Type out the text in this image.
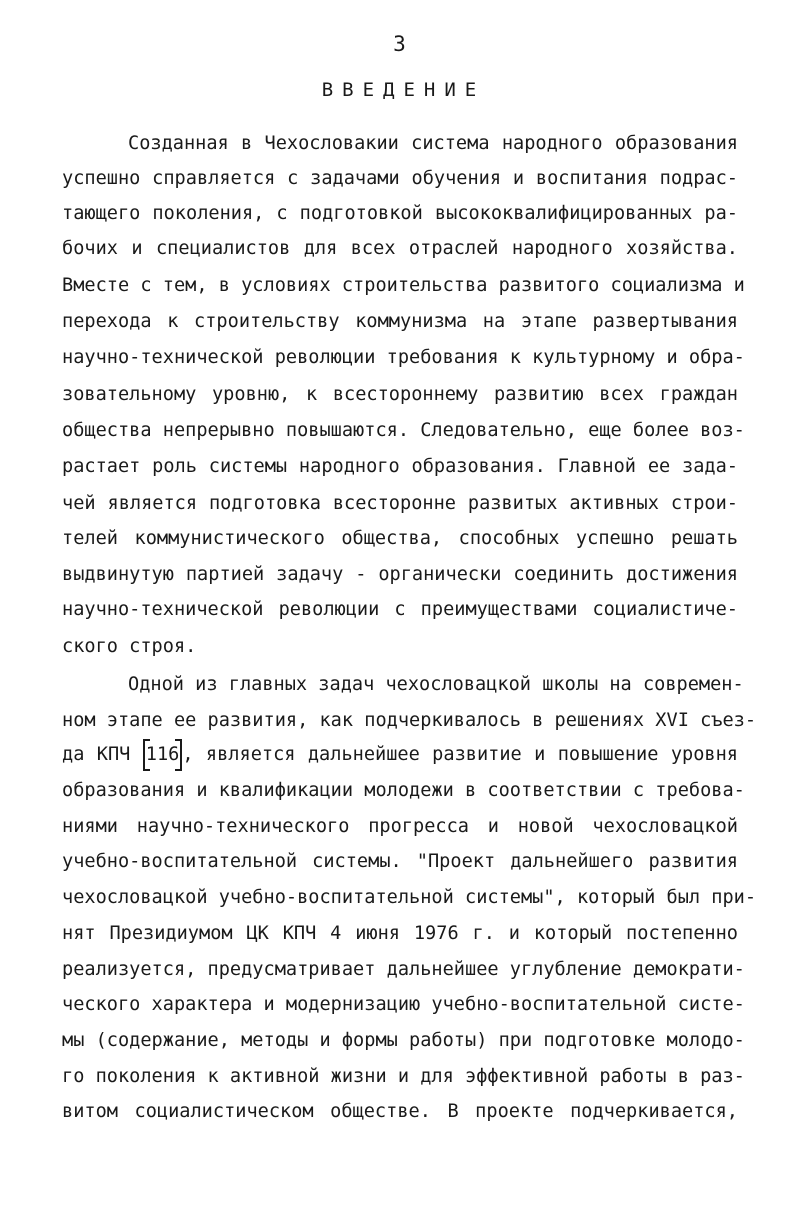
3
ВВЕДЕНИЕ
Созданная в Чехословакии система народного образования
успешно справляется с задачами обучения и воспитания подрас-
тающего поколения, с подготовкой высококвалифицированных ра-
бочих и специалистов для всех отраслей народного хозяйства.
Вместе с тем, в условиях строительства развитого социализма и
перехода к строительству коммунизма на этапе развертывания
научно-технической революции требования к культурному и обра-
зовательному уровню, к всестороннему развитию всех граждан
общества непрерывно повышаются. Следовательно, еще более воз-
растает роль системы народного образования. Главной ее зада-
чей является подготовка всесторонне развитых активных строи-
телей коммунистического общества, способных успешно решать
выдвинутую партией задачу - органически соединить достижения
научно-технической революции с преимуществами социалистиче-
ского строя.
Одной из главных задач чехословацкой школы на современ-
ном этапе ее развития, как подчеркивалось в решениях XVI съез-
да КПЧ 116 , является дальнейшее развитие и повышение уровня
образования и квалификации молодежи в соответствии с требова-
ниями научно-технического прогресса и новой чехословацкой
учебно-воспитательной системы. "Проект дальнейшего развития
чехословацкой учебно-воспитательной системы", который был при-
нят Президиумом ЦК КПЧ 4 июня 1976 г. и который постепенно
реализуется, предусматривает дальнейшее углубление демократи-
ческого характера и модернизацию учебно-воспитательной систе-
мы (содержание, методы и формы работы) при подготовке молодо-
го поколения к активной жизни и для эффективной работы в раз-
витом социалистическом обществе. В проекте подчеркивается,
